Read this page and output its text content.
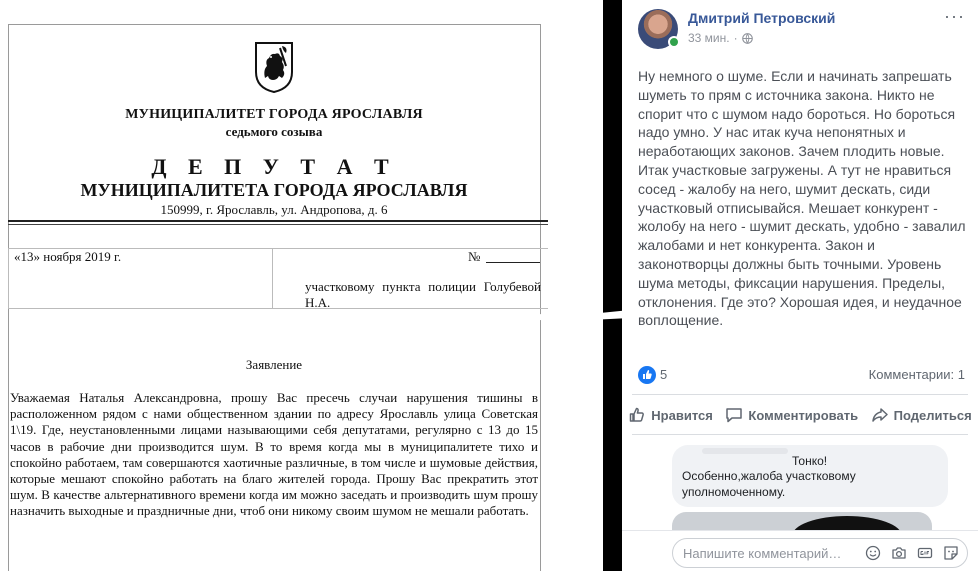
МУНИЦИПАЛИТЕТ ГОРОДА ЯРОСЛАВЛЯ
седьмого созыва
Д Е П У Т А Т
МУНИЦИПАЛИТЕТА ГОРОДА ЯРОСЛАВЛЯ
150999, г. Ярославль, ул. Андропова, д. 6
«13» ноября 2019 г.	№
участковому пункта полиции Голубевой Н.А.
Заявление
Уважаемая Наталья Александровна, прошу Вас пресечь случаи нарушения тишины в расположенном рядом с нами общественном здании по адресу Ярославль улица Советская 1\19. Где, неустановленными лицами называющими себя депутатами, регулярно с 13 до 15 часов в рабочие дни производится шум. В то время когда мы в муниципалитете тихо и спокойно работаем, там совершаются хаотичные различные, в том числе и шумовые действия, которые мешают спокойно работать на благо жителей города. Прошу Вас прекратить этот шум. В качестве альтернативного времени когда им можно заседать и производить шум прошу назначить выходные и праздничные дни, чтоб они никому своим шумом не мешали работать.
Дмитрий Петровский
33 мин. ·
···
Ну немного о шуме. Если и начинать запрешать шуметь то прям с источника закона. Никто не спорит что с шумом надо бороться. Но бороться надо умно. У нас итак куча непонятных и неработающих законов. Зачем плодить новые. Итак участковые загружены. А тут не нравиться сосед - жалобу на него, шумит дескать, сиди участковый отписывайся. Мешает конкурент - жолобу на него - шумит дескать, удобно - завалил жалобами и нет конкурента. Закон и законотворцы должны быть точными. Уровень шума методы, фиксации нарушения. Пределы, отклонения. Где это? Хорошая идея, и неудачное воплощение.
5	Комментарии: 1
Нравится	Комментировать	Поделиться
Тонко!
Особенно,жалоба участковому уполномоченному.
Напишите комментарий…
